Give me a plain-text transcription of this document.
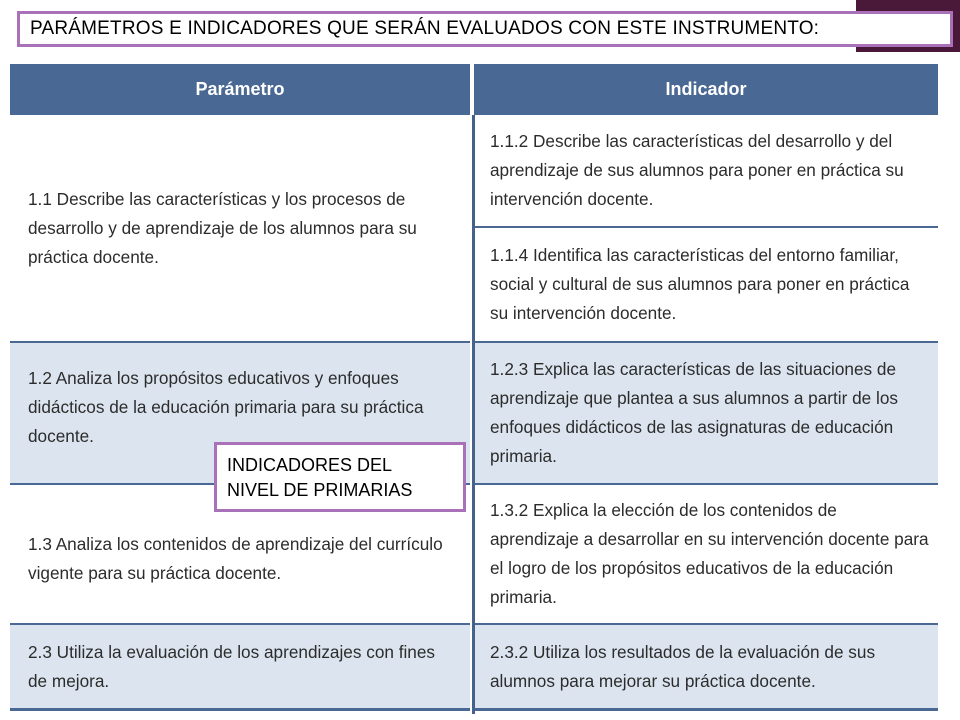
PARÁMETROS E INDICADORES QUE SERÁN EVALUADOS CON ESTE INSTRUMENTO:
Parámetro	Indicador
1.1 Describe las características y los procesos de desarrollo y de aprendizaje de los alumnos para su práctica docente.
1.1.2 Describe las características del desarrollo y del aprendizaje de sus alumnos para poner en práctica su intervención docente.
1.1.4 Identifica las características del entorno familiar, social y cultural de sus alumnos para poner en práctica su intervención docente.
1.2 Analiza los propósitos educativos y enfoques didácticos de la educación primaria para su práctica docente.
1.2.3 Explica las características de las situaciones de aprendizaje que plantea a sus alumnos a partir de los enfoques didácticos de las asignaturas de educación primaria.
1.3 Analiza los contenidos de aprendizaje del currículo vigente para su práctica docente.
1.3.2 Explica la elección de los contenidos de aprendizaje a desarrollar en su intervención docente para el logro de los propósitos educativos de la educación primaria.
2.3 Utiliza la evaluación de los aprendizajes con fines de mejora.
2.3.2 Utiliza los resultados de la evaluación de sus alumnos para mejorar su práctica docente.
INDICADORES DEL
NIVEL DE PRIMARIAS
